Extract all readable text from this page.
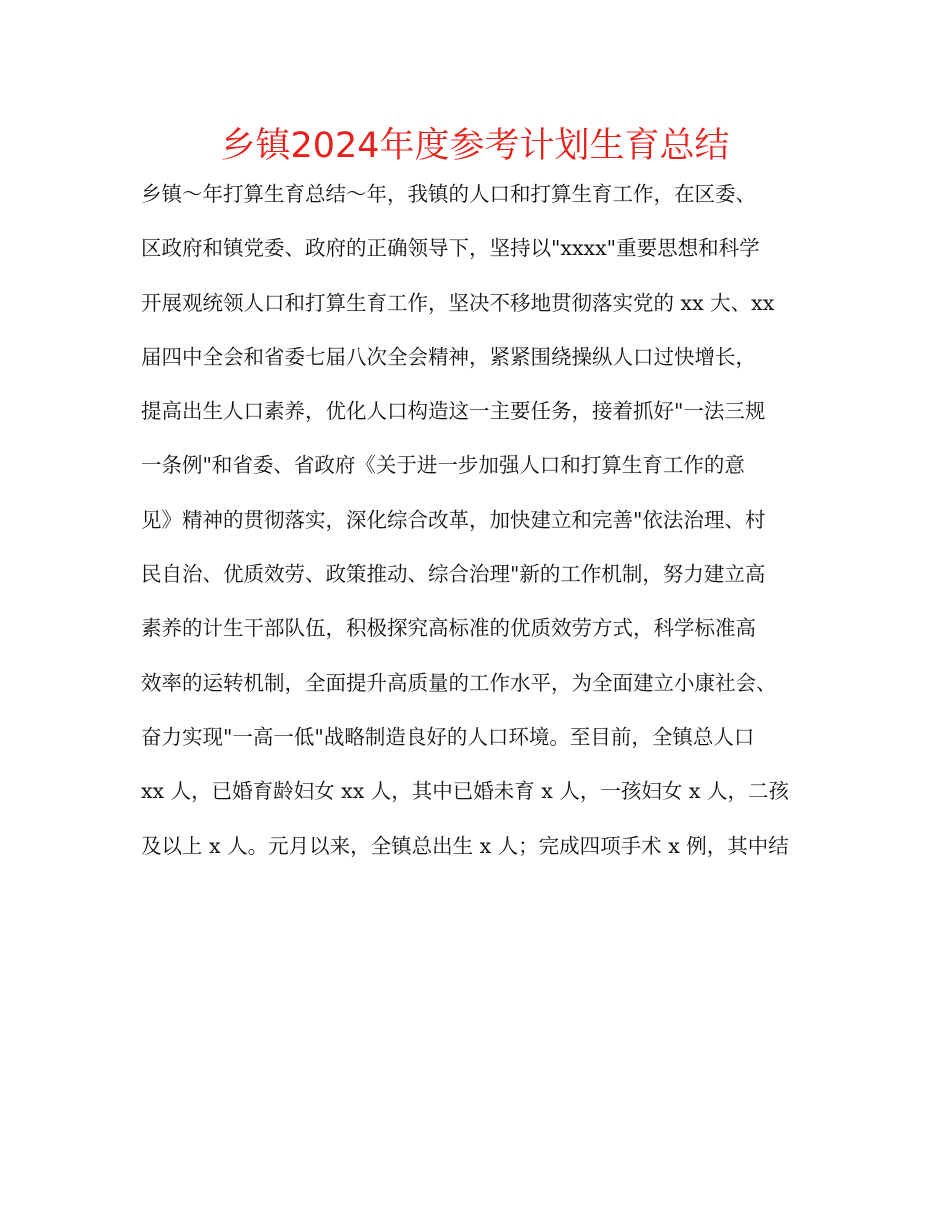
乡镇2024年度参考计划生育总结
乡镇～年打算生育总结～年，我镇的人口和打算生育工作，在区委、
区政府和镇党委、政府的正确领导下，坚持以"xxxx"重要思想和科学
开展观统领人口和打算生育工作，坚决不移地贯彻落实党的 xx 大、xx
届四中全会和省委七届八次全会精神，紧紧围绕操纵人口过快增长，
提高出生人口素养，优化人口构造这一主要任务，接着抓好"一法三规
一条例"和省委、省政府《关于进一步加强人口和打算生育工作的意
见》精神的贯彻落实，深化综合改革，加快建立和完善"依法治理、村
民自治、优质效劳、政策推动、综合治理"新的工作机制，努力建立高
素养的计生干部队伍，积极探究高标准的优质效劳方式，科学标准高
效率的运转机制，全面提升高质量的工作水平，为全面建立小康社会、
奋力实现"一高一低"战略制造良好的人口环境。至目前，全镇总人口
xx 人，已婚育龄妇女 xx 人，其中已婚未育 x 人，一孩妇女 x 人，二孩
及以上 x 人。元月以来，全镇总出生 x 人；完成四项手术 x 例，其中结
